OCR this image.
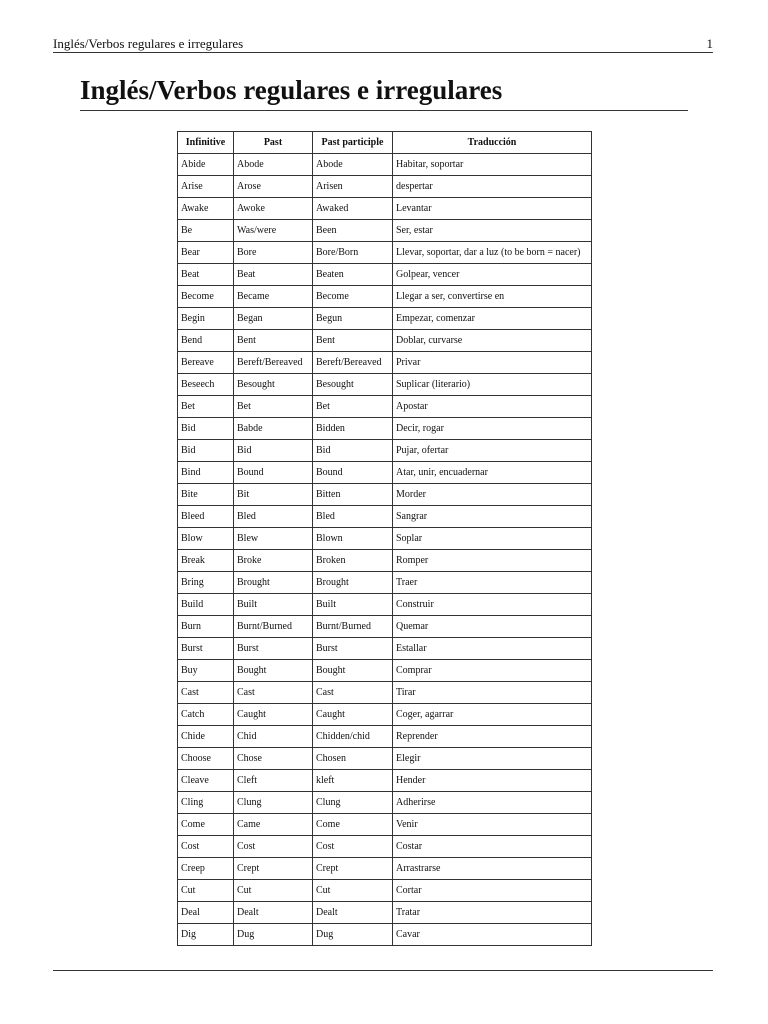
Inglés/Verbos regulares e irregulares	1
Inglés/Verbos regulares e irregulares
Infinitive	Past	Past participle	Traducción
Abide	Abode	Abode	Habitar, soportar
Arise	Arose	Arisen	despertar
Awake	Awoke	Awaked	Levantar
Be	Was/were	Been	Ser, estar
Bear	Bore	Bore/Born	Llevar, soportar, dar a luz (to be born = nacer)
Beat	Beat	Beaten	Golpear, vencer
Become	Became	Become	Llegar a ser, convertirse en
Begin	Began	Begun	Empezar, comenzar
Bend	Bent	Bent	Doblar, curvarse
Bereave	Bereft/Bereaved	Bereft/Bereaved	Privar
Beseech	Besought	Besought	Suplicar (literario)
Bet	Bet	Bet	Apostar
Bid	Babde	Bidden	Decir, rogar
Bid	Bid	Bid	Pujar, ofertar
Bind	Bound	Bound	Atar, unir, encuadernar
Bite	Bit	Bitten	Morder
Bleed	Bled	Bled	Sangrar
Blow	Blew	Blown	Soplar
Break	Broke	Broken	Romper
Bring	Brought	Brought	Traer
Build	Built	Built	Construir
Burn	Burnt/Burned	Burnt/Burned	Quemar
Burst	Burst	Burst	Estallar
Buy	Bought	Bought	Comprar
Cast	Cast	Cast	Tirar
Catch	Caught	Caught	Coger, agarrar
Chide	Chid	Chidden/chid	Reprender
Choose	Chose	Chosen	Elegir
Cleave	Cleft	kleft	Hender
Cling	Clung	Clung	Adherirse
Come	Came	Come	Venir
Cost	Cost	Cost	Costar
Creep	Crept	Crept	Arrastrarse
Cut	Cut	Cut	Cortar
Deal	Dealt	Dealt	Tratar
Dig	Dug	Dug	Cavar
